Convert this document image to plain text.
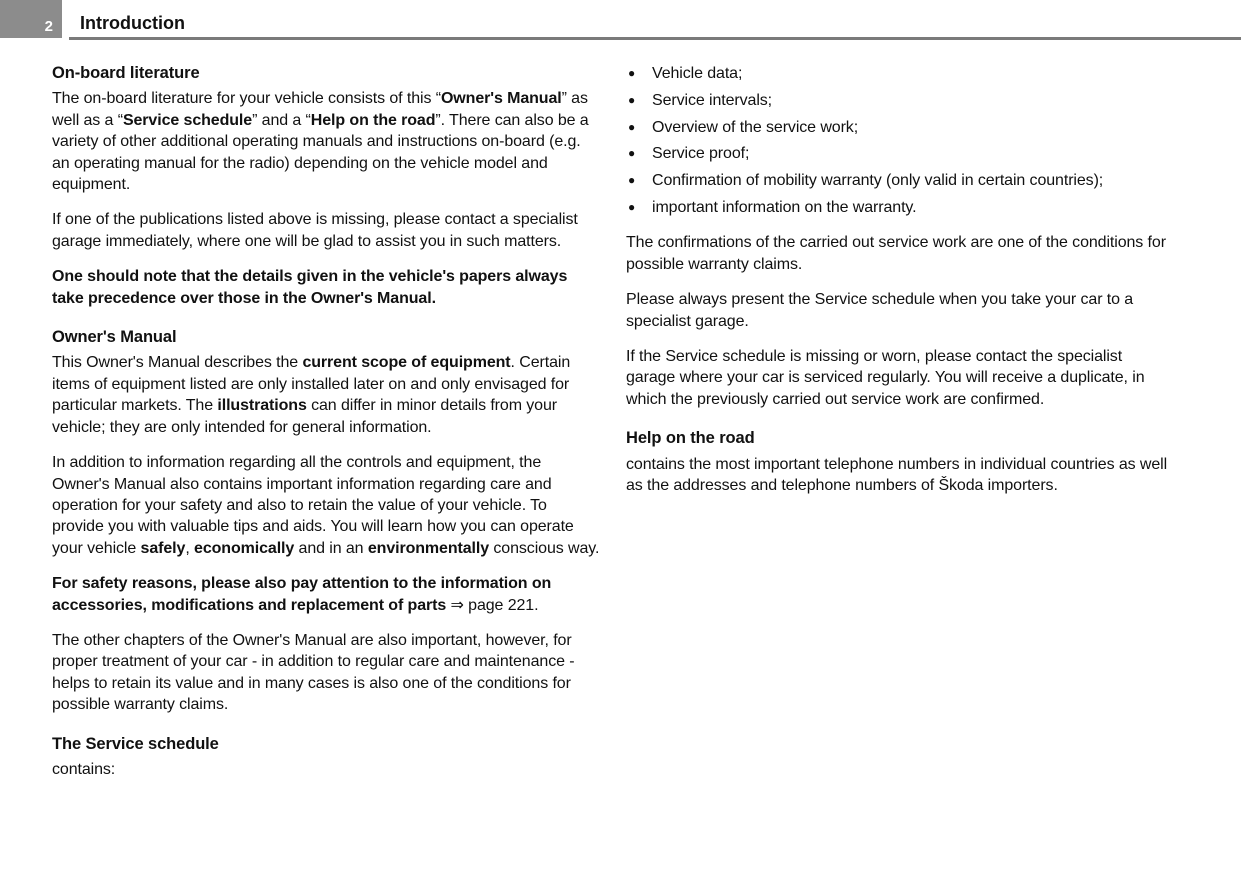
2 Introduction
On-board literature

The on-board literature for your vehicle consists of this “Owner's Manual” as well as a “Service schedule” and a “Help on the road”. There can also be a variety of other additional operating manuals and instructions on-board (e.g. an operating manual for the radio) depending on the vehicle model and equipment.

If one of the publications listed above is missing, please contact a specialist garage immediately, where one will be glad to assist you in such matters.

One should note that the details given in the vehicle's papers always take precedence over those in the Owner's Manual.

Owner's Manual

This Owner's Manual describes the current scope of equipment. Certain items of equipment listed are only installed later on and only envisaged for particular markets. The illustrations can differ in minor details from your vehicle; they are only intended for general information.

In addition to information regarding all the controls and equipment, the Owner's Manual also contains important information regarding care and operation for your safety and also to retain the value of your vehicle. To provide you with valuable tips and aids. You will learn how you can operate your vehicle safely, economically and in an environmentally conscious way.

For safety reasons, please also pay attention to the information on accessories, modifications and replacement of parts ⇒ page 221.

The other chapters of the Owner's Manual are also important, however, for proper treatment of your car - in addition to regular care and maintenance - helps to retain its value and in many cases is also one of the conditions for possible warranty claims.

The Service schedule

contains:

● Vehicle data;
● Service intervals;
● Overview of the service work;
● Service proof;
● Confirmation of mobility warranty (only valid in certain countries);
● important information on the warranty.

The confirmations of the carried out service work are one of the conditions for possible warranty claims.

Please always present the Service schedule when you take your car to a specialist garage.

If the Service schedule is missing or worn, please contact the specialist garage where your car is serviced regularly. You will receive a duplicate, in which the previously carried out service work are confirmed.

Help on the road

contains the most important telephone numbers in individual countries as well as the addresses and telephone numbers of Škoda importers.
